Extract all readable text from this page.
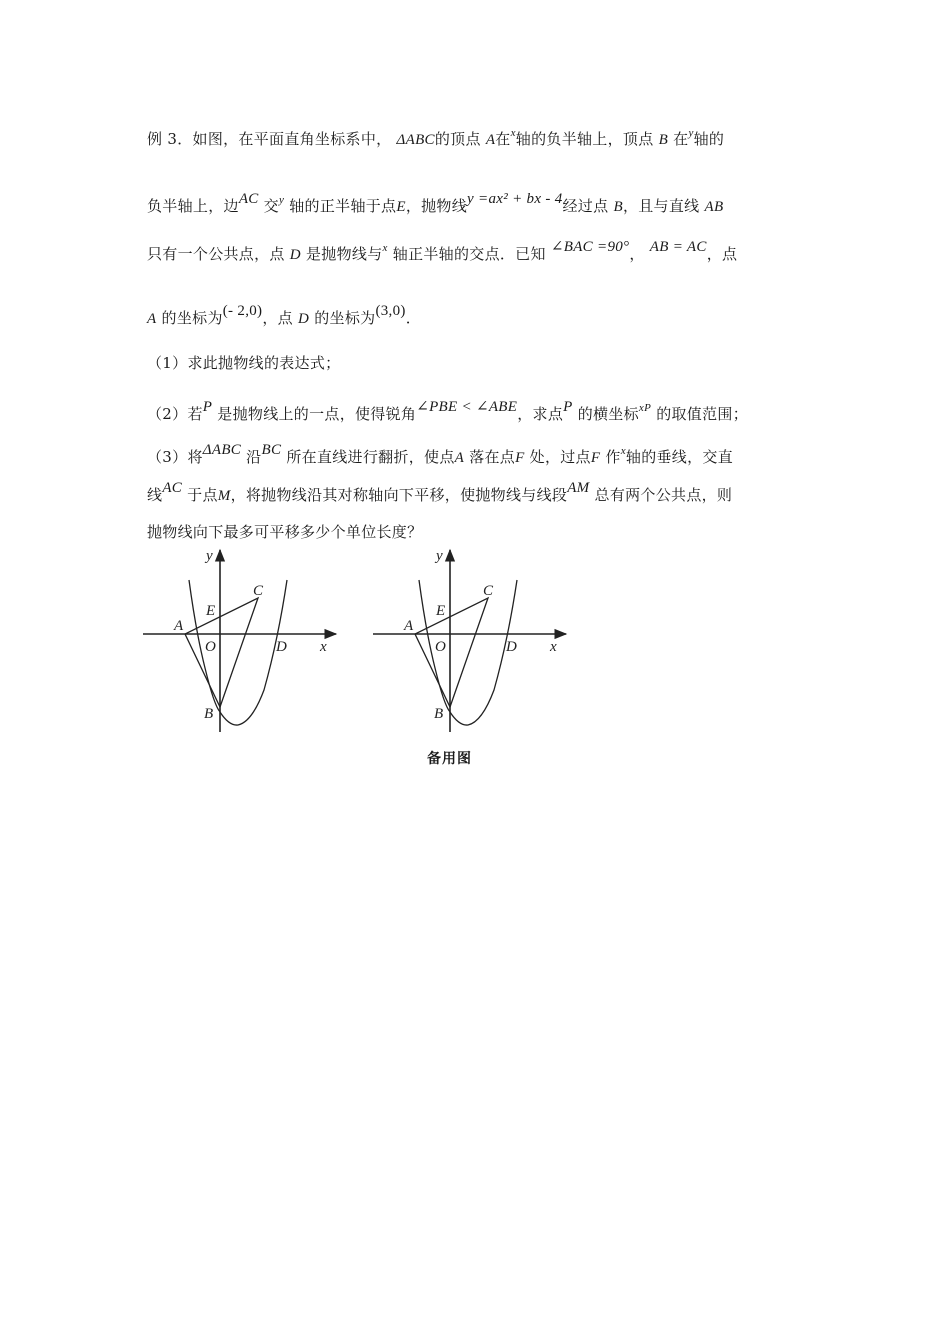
例 3．如图，在平面直角坐标系中， ΔABC的顶点 A在$^x$轴的负半轴上，顶点 B 在$^y$轴的
负半轴上，边AC 交$^y$ 轴的正半轴于点E，抛物线y =ax² + bx - 4经过点 B，且与直线 AB
只有一个公共点，点 D 是抛物线与$^x$ 轴正半轴的交点．已知 ∠BAC =90°， AB = AC，点
A 的坐标为(- 2,0)，点 D 的坐标为(3,0)．
（1）求此抛物线的表达式；
（2）若P 是抛物线上的一点，使得锐角∠PBE < ∠ABE，求点P 的横坐标$^{xP}$ 的取值范围；
（3）将ΔABC 沿BC 所在直线进行翻折，使点A 落在点F 处，过点F 作$^x$轴的垂线，交直
线AC 于点M，将抛物线沿其对称轴向下平移，使抛物线与线段AM 总有两个公共点，则
抛物线向下最多可平移多少个单位长度？
y
x
A
B
C
D
E
O
y
x
A
B
C
D
E
O
备用图
